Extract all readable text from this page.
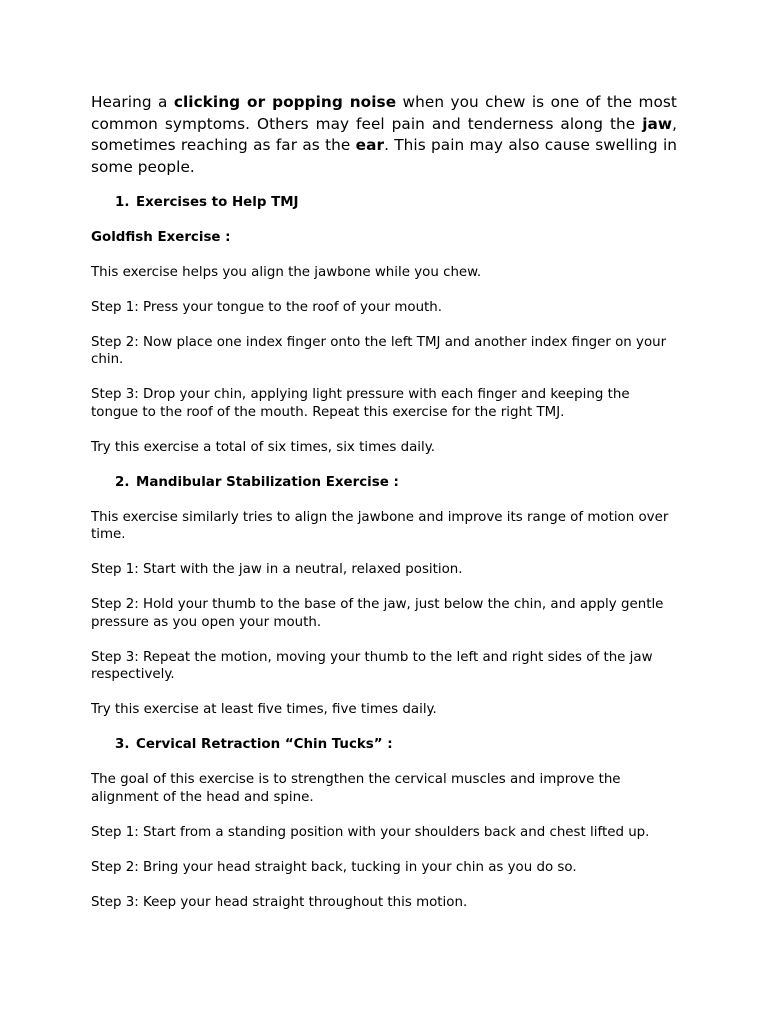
Hearing a clicking or popping noise when you chew is one of the most common symptoms. Others may feel pain and tenderness along the jaw, sometimes reaching as far as the ear. This pain may also cause swelling in some people.

1. Exercises to Help TMJ
Goldfish Exercise :

This exercise helps you align the jawbone while you chew.

Step 1: Press your tongue to the roof of your mouth.

Step 2: Now place one index finger onto the left TMJ and another index finger on your chin.

Step 3: Drop your chin, applying light pressure with each finger and keeping the tongue to the roof of the mouth. Repeat this exercise for the right TMJ.

Try this exercise a total of six times, six times daily.

2. Mandibular Stabilization Exercise :

This exercise similarly tries to align the jawbone and improve its range of motion over time.

Step 1: Start with the jaw in a neutral, relaxed position.

Step 2: Hold your thumb to the base of the jaw, just below the chin, and apply gentle pressure as you open your mouth.

Step 3: Repeat the motion, moving your thumb to the left and right sides of the jaw respectively.

Try this exercise at least five times, five times daily.

3. Cervical Retraction “Chin Tucks” :

The goal of this exercise is to strengthen the cervical muscles and improve the alignment of the head and spine.

Step 1: Start from a standing position with your shoulders back and chest lifted up.

Step 2: Bring your head straight back, tucking in your chin as you do so.

Step 3: Keep your head straight throughout this motion.
